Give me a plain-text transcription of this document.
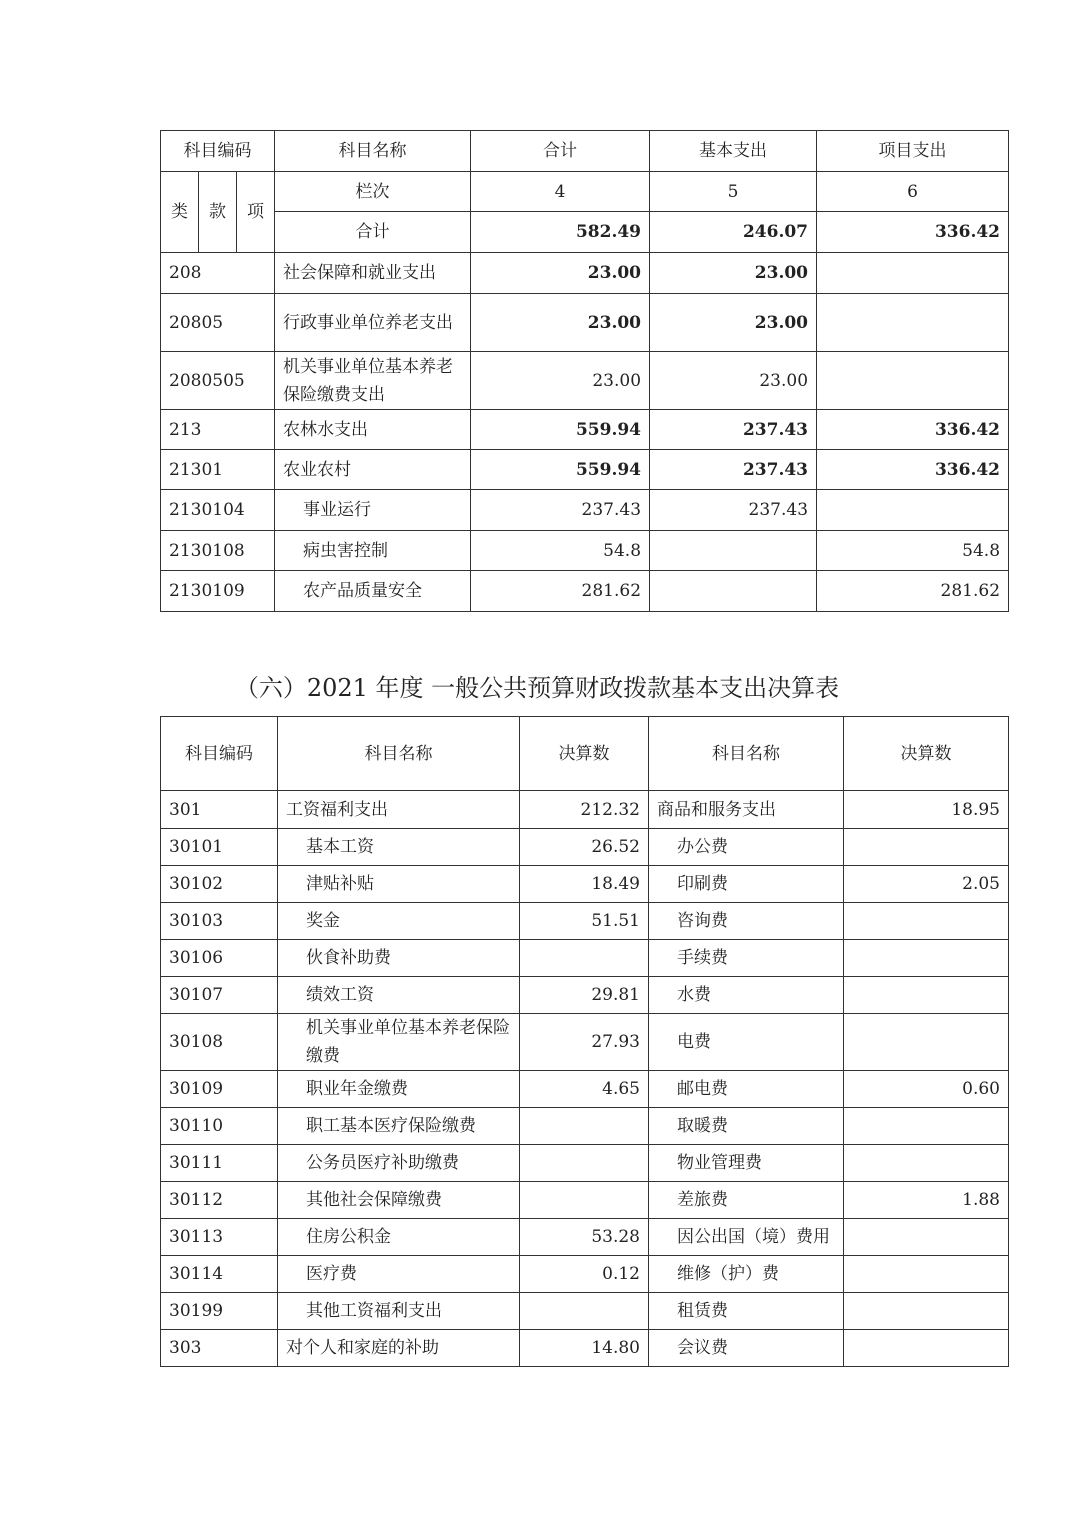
科目编码			科目名称	合计	基本支出	项目支出
类	款	项	栏次	4	5	6
			合计	582.49	246.07	336.42
208			社会保障和就业支出	23.00	23.00	
20805			行政事业单位养老支出	23.00	23.00	
2080505			机关事业单位基本养老保险缴费支出	23.00	23.00	
213			农林水支出	559.94	237.43	336.42
21301			农业农村	559.94	237.43	336.42
2130104			事业运行	237.43	237.43	
2130108			病虫害控制	54.8		54.8
2130109			农产品质量安全	281.62		281.62
（六）2021 年度 一般公共预算财政拨款基本支出决算表
科目编码	科目名称	决算数	科目名称	决算数
301	工资福利支出	212.32	商品和服务支出	18.95
30101	基本工资	26.52	办公费	
30102	津贴补贴	18.49	印刷费	2.05
30103	奖金	51.51	咨询费	
30106	伙食补助费		手续费	
30107	绩效工资	29.81	水费	
30108	机关事业单位基本养老保险缴费	27.93	电费	
30109	职业年金缴费	4.65	邮电费	0.60
30110	职工基本医疗保险缴费		取暖费	
30111	公务员医疗补助缴费		物业管理费	
30112	其他社会保障缴费		差旅费	1.88
30113	住房公积金	53.28	因公出国（境）费用	
30114	医疗费	0.12	维修（护）费	
30199	其他工资福利支出		租赁费	
303	对个人和家庭的补助	14.80	会议费	
